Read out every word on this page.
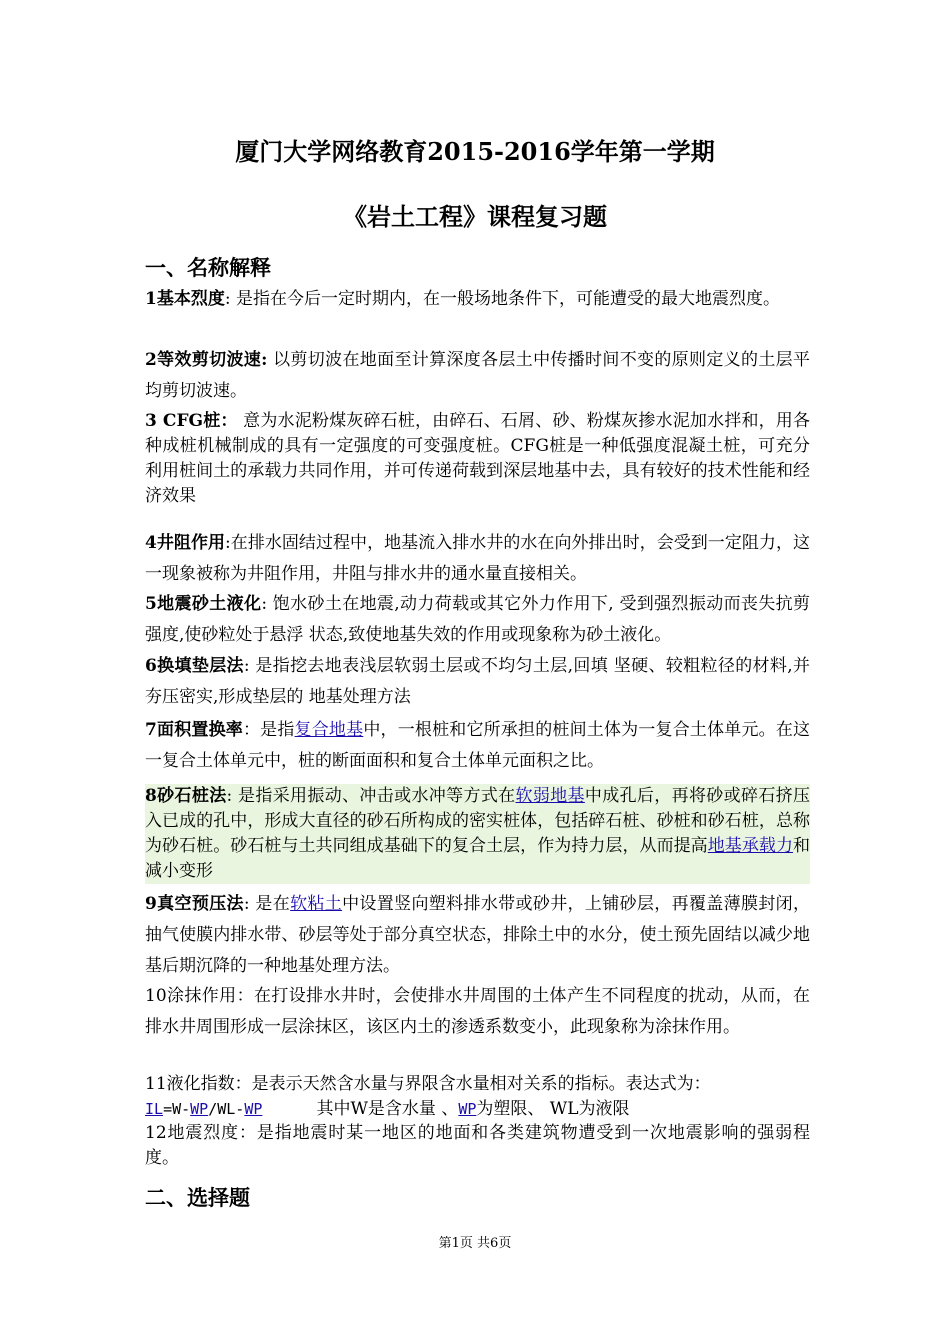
厦门大学网络教育2015-2016学年第一学期
《岩土工程》课程复习题
一、名称解释
1基本烈度: 是指在今后一定时期内，在一般场地条件下，可能遭受的最大地震烈度。
2等效剪切波速: 以剪切波在地面至计算深度各层土中传播时间不变的原则定义的土层平均剪切波速。
3 CFG桩： 意为水泥粉煤灰碎石桩，由碎石、石屑、砂、粉煤灰掺水泥加水拌和，用各种成桩机械制成的具有一定强度的可变强度桩。CFG桩是一种低强度混凝土桩，可充分利用桩间土的承载力共同作用，并可传递荷载到深层地基中去，具有较好的技术性能和经济效果
4井阻作用:在排水固结过程中，地基流入排水井的水在向外排出时，会受到一定阻力，这一现象被称为井阻作用，井阻与排水井的通水量直接相关。
5地震砂土液化: 饱水砂土在地震,动力荷载或其它外力作用下, 受到强烈振动而丧失抗剪强度,使砂粒处于悬浮 状态,致使地基失效的作用或现象称为砂土液化。
6换填垫层法: 是指挖去地表浅层软弱土层或不均匀土层,回填 坚硬、较粗粒径的材料,并夯压密实,形成垫层的 地基处理方法
7面积置换率：是指复合地基中，一根桩和它所承担的桩间土体为一复合土体单元。在这一复合土体单元中，桩的断面面积和复合土体单元面积之比。
8砂石桩法: 是指采用振动、冲击或水冲等方式在软弱地基中成孔后，再将砂或碎石挤压入已成的孔中，形成大直径的砂石所构成的密实桩体，包括碎石桩、砂桩和砂石桩，总称为砂石桩。砂石桩与土共同组成基础下的复合土层，作为持力层，从而提高地基承载力和减小变形
9真空预压法: 是在软粘土中设置竖向塑料排水带或砂井，上铺砂层，再覆盖薄膜封闭，抽气使膜内排水带、砂层等处于部分真空状态，排除土中的水分，使土预先固结以减少地基后期沉降的一种地基处理方法。
10涂抹作用：在打设排水井时，会使排水井周围的土体产生不同程度的扰动，从而，在排水井周围形成一层涂抹区，该区内土的渗透系数变小，此现象称为涂抹作用。
11液化指数：是表示天然含水量与界限含水量相对关系的指标。表达式为：
IL=W-WP/WL-WP          其中W是含水量 、WP为塑限、 WL为液限
12地震烈度：是指地震时某一地区的地面和各类建筑物遭受到一次地震影响的强弱程度。
二、选择题
第1页 共6页
